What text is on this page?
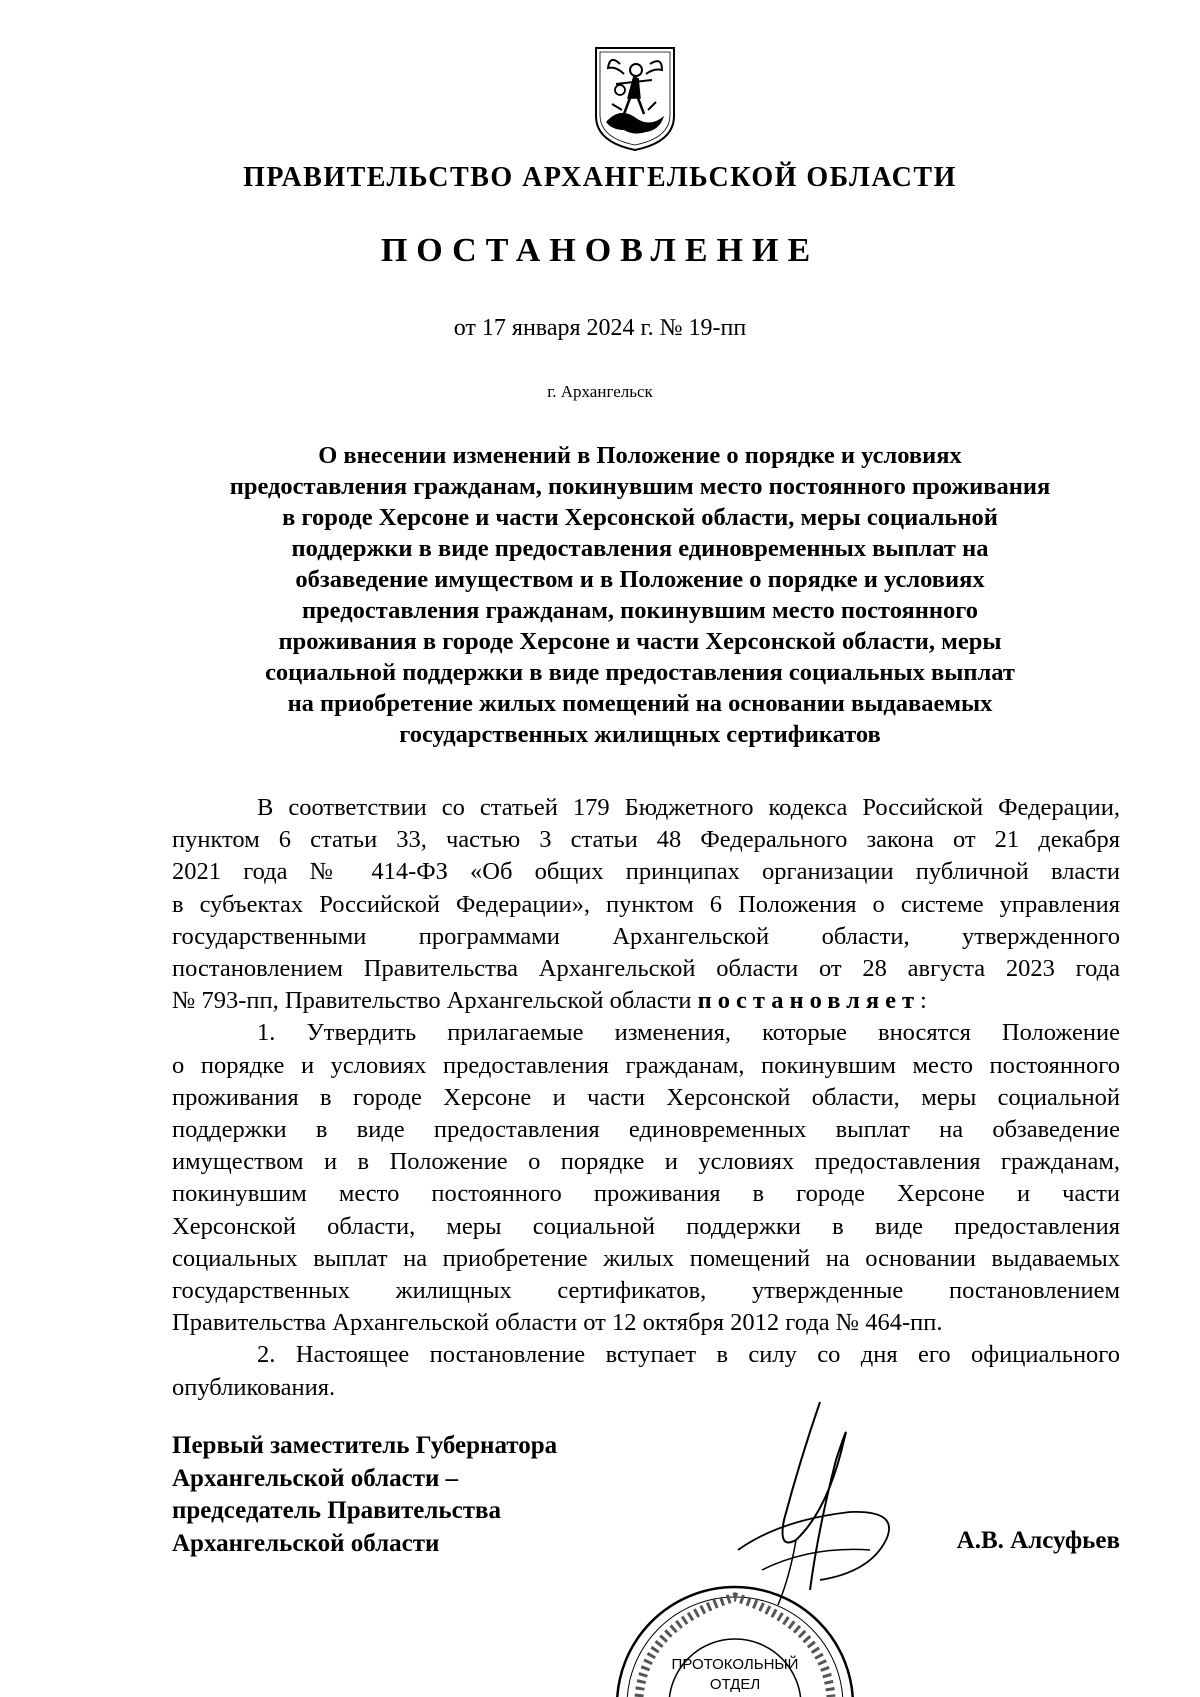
ПРАВИТЕЛЬСТВО АРХАНГЕЛЬСКОЙ ОБЛАСТИ
ПОСТАНОВЛЕНИЕ
от 17 января 2024 г. № 19-пп
г. Архангельск
О внесении изменений в Положение о порядке и условиях
предоставления гражданам, покинувшим место постоянного проживания
в городе Херсоне и части Херсонской области, меры социальной
поддержки в виде предоставления единовременных выплат на
обзаведение имуществом и в Положение о порядке и условиях
предоставления гражданам, покинувшим место постоянного
проживания в городе Херсоне и части Херсонской области, меры
социальной поддержки в виде предоставления социальных выплат
на приобретение жилых помещений на основании выдаваемых
государственных жилищных сертификатов
В соответствии со статьей 179 Бюджетного кодекса Российской Федерации,
пунктом 6 статьи 33, частью 3 статьи 48 Федерального закона от 21 декабря
2021 года № 414-ФЗ «Об общих принципах организации публичной власти
в субъектах Российской Федерации», пунктом 6 Положения о системе управления
государственными программами Архангельской области, утвержденного
постановлением Правительства Архангельской области от 28 августа 2023 года
№ 793-пп, Правительство Архангельской области постановляет:
1. Утвердить прилагаемые изменения, которые вносятся Положение
о порядке и условиях предоставления гражданам, покинувшим место постоянного
проживания в городе Херсоне и части Херсонской области, меры социальной
поддержки в виде предоставления единовременных выплат на обзаведение
имуществом и в Положение о порядке и условиях предоставления гражданам,
покинувшим место постоянного проживания в городе Херсоне и части
Херсонской области, меры социальной поддержки в виде предоставления
социальных выплат на приобретение жилых помещений на основании выдаваемых
государственных жилищных сертификатов, утвержденные постановлением
Правительства Архангельской области от 12 октября 2012 года № 464-пп.
2. Настоящее постановление вступает в силу со дня его официального
опубликования.
Первый заместитель Губернатора
Архангельской области –
председатель Правительства
Архангельской области	А.В. Алсуфьев
ПРОТОКОЛЬНЫЙ
ОТДЕЛ
